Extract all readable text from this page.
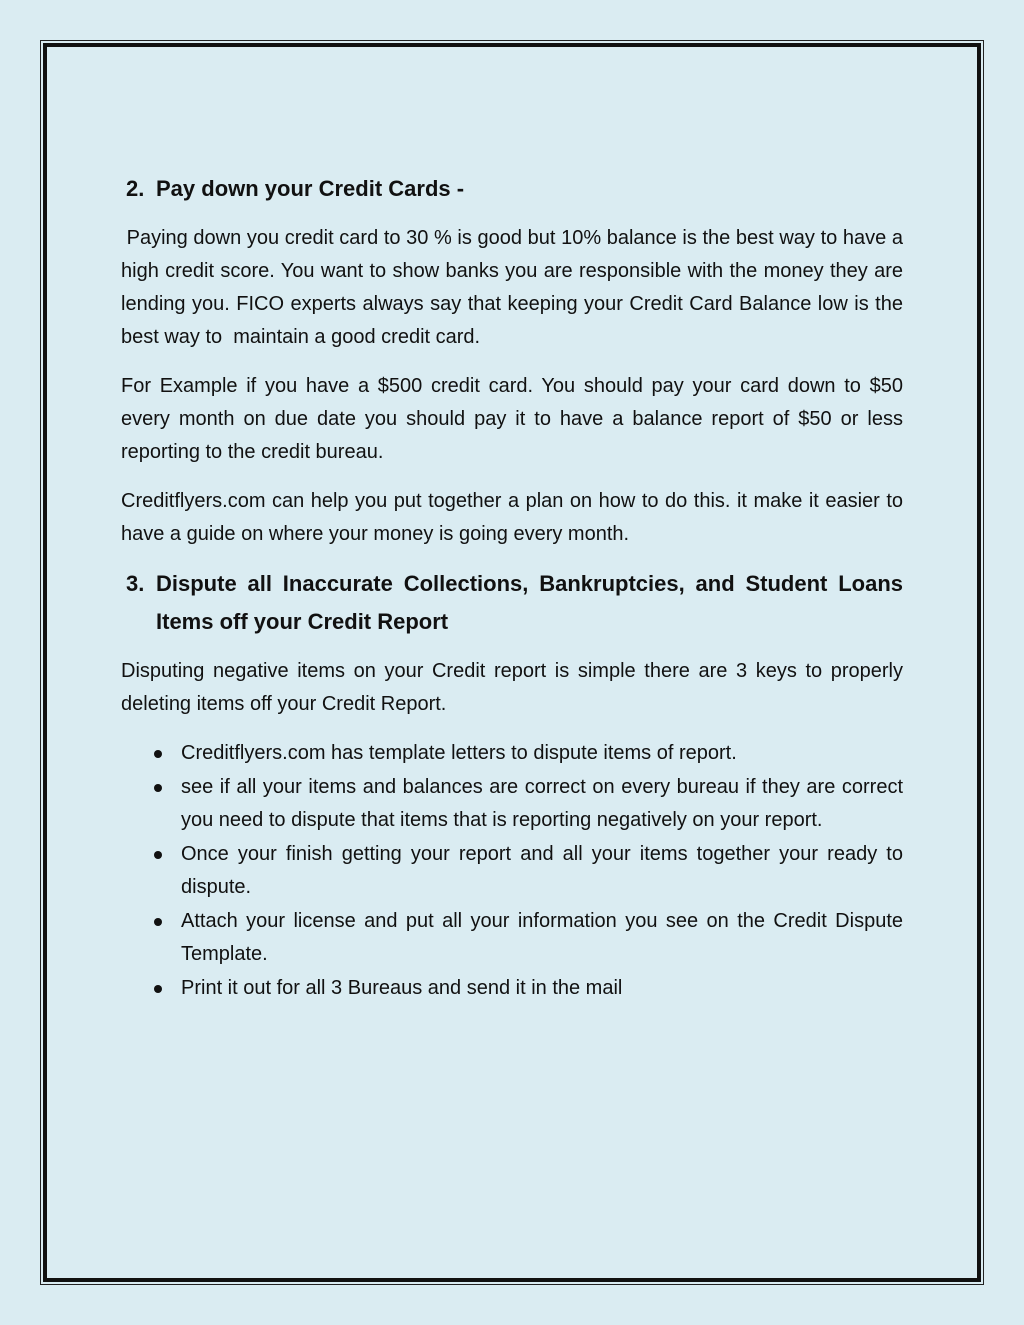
2. Pay down your Credit Cards -

Paying down you credit card to 30 % is good but 10% balance is the best way to have a high credit score. You want to show banks you are responsible with the money they are lending you. FICO experts always say that keeping your Credit Card Balance low is the best way to  maintain a good credit card.

For Example if you have a $500 credit card. You should pay your card down to $50 every month on due date you should pay it to have a balance report of $50 or less reporting to the credit bureau.

Creditflyers.com can help you put together a plan on how to do this. it make it easier to have a guide on where your money is going every month.

3. Dispute all Inaccurate Collections, Bankruptcies, and Student Loans Items off your Credit Report

Disputing negative items on your Credit report is simple there are 3 keys to properly deleting items off your Credit Report.

Creditflyers.com has template letters to dispute items of report.
see if all your items and balances are correct on every bureau if they are correct you need to dispute that items that is reporting negatively on your report.
Once your finish getting your report and all your items together your ready to dispute.
Attach your license and put all your information you see on the Credit Dispute Template.
Print it out for all 3 Bureaus and send it in the mail
